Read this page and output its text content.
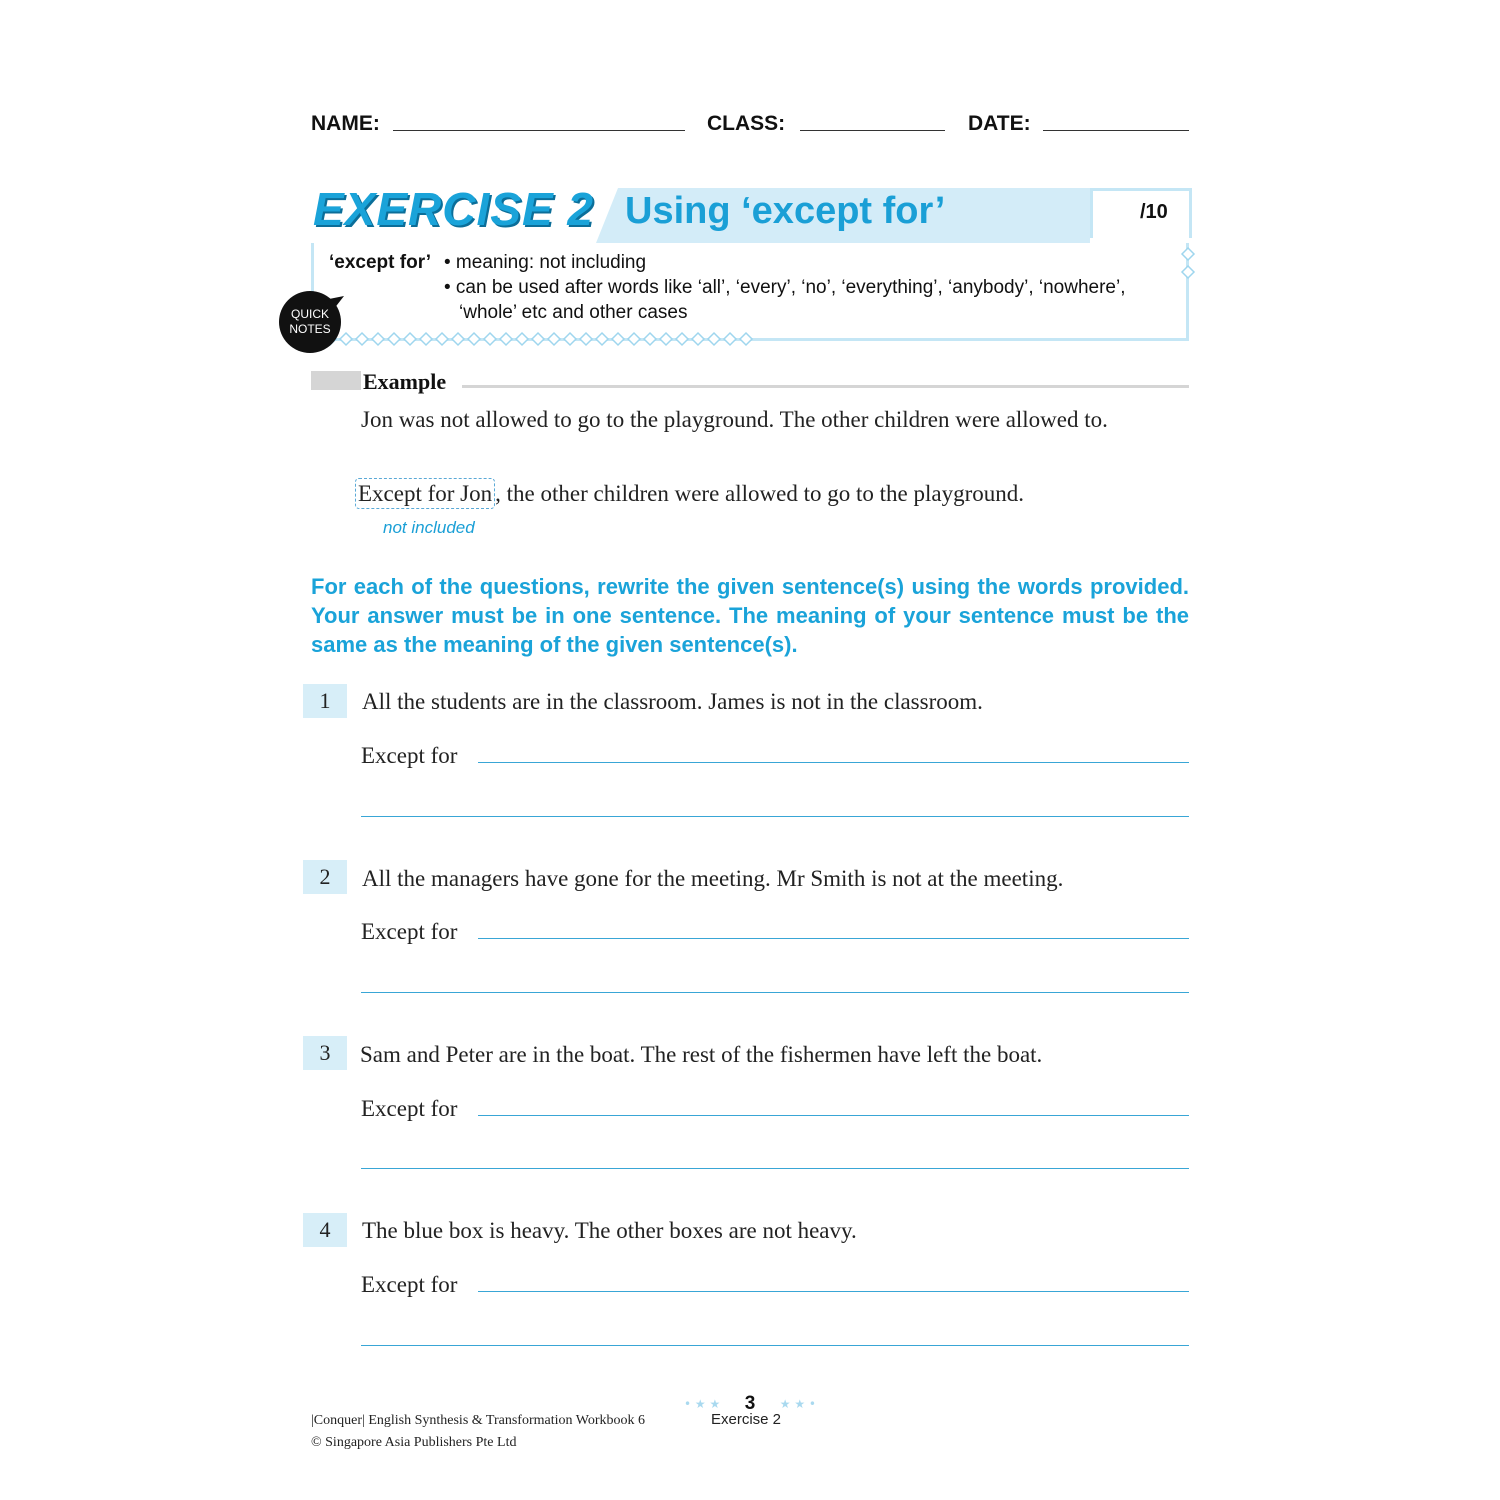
NAME:	CLASS:	DATE:
EXERCISE 2 Using ‘except for’	/10
QUICK
NOTES
‘except for’ • meaning: not including
• can be used after words like ‘all’, ‘every’, ‘no’, ‘everything’, ‘anybody’, ‘nowhere’,
‘whole’ etc and other cases
Example
Jon was not allowed to go to the playground. The other children were allowed to.
Except for Jon , the other children were allowed to go to the playground.
not included
For each of the questions, rewrite the given sentence(s) using the words provided. Your answer must be in one sentence. The meaning of your sentence must be the same as the meaning of the given sentence(s).
1	All the students are in the classroom. James is not in the classroom.
Except for
2	All the managers have gone for the meeting. Mr Smith is not at the meeting.
Except for
3	Sam and Peter are in the boat. The rest of the fishermen have left the boat.
Except for
4	The blue box is heavy. The other boxes are not heavy.
Except for
• ★ ★ 3 ★ ★ •
Exercise 2
|Conquer| English Synthesis & Transformation Workbook 6
© Singapore Asia Publishers Pte Ltd
